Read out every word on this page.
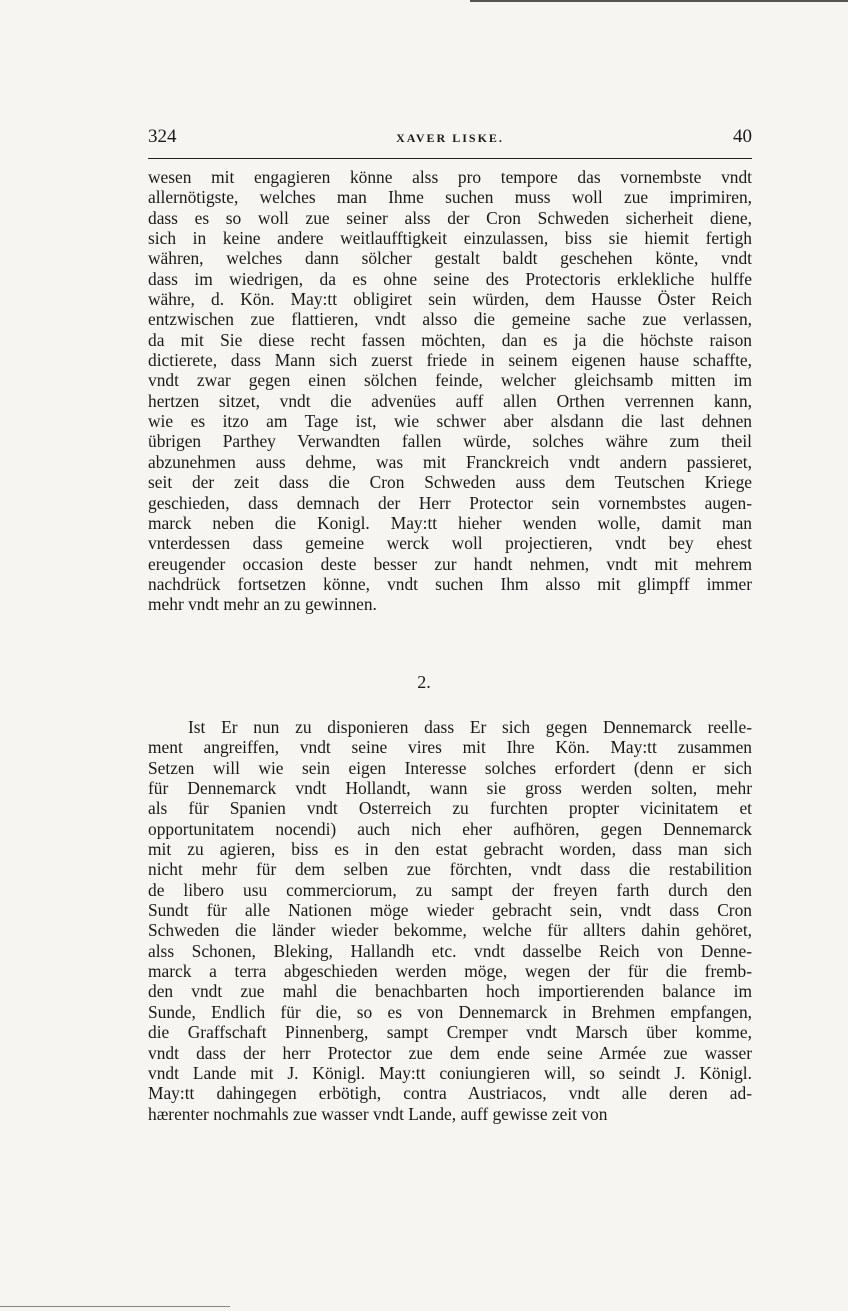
324	XAVER LISKE.	40
wesen mit engagieren könne alss pro tempore das vornembste vndt
allernötigste, welches man Ihme suchen muss woll zue imprimiren,
dass es so woll zue seiner alss der Cron Schweden sicherheit diene,
sich in keine andere weitlaufftigkeit einzulassen, biss sie hiemit fertigh
währen, welches dann sölcher gestalt baldt geschehen könte, vndt
dass im wiedrigen, da es ohne seine des Protectoris erklekliche hulffe
währe, d. Kön. May:tt obligiret sein würden, dem Hausse Öster Reich
entzwischen zue flattieren, vndt alsso die gemeine sache zue verlassen,
da mit Sie diese recht fassen möchten, dan es ja die höchste raison
dictierete, dass Mann sich zuerst friede in seinem eigenen hause schaffte,
vndt zwar gegen einen sölchen feinde, welcher gleichsamb mitten im
hertzen sitzet, vndt die advenües auff allen Orthen verrennen kann,
wie es itzo am Tage ist, wie schwer aber alsdann die last dehnen
übrigen Parthey Verwandten fallen würde, solches währe zum theil
abzunehmen auss dehme, was mit Franckreich vndt andern passieret,
seit der zeit dass die Cron Schweden auss dem Teutschen Kriege
geschieden, dass demnach der Herr Protector sein vornembstes augen-
marck neben die Konigl. May:tt hieher wenden wolle, damit man
vnterdessen dass gemeine werck woll projectieren, vndt bey ehest
ereugender occasion deste besser zur handt nehmen, vndt mit mehrem
nachdrück fortsetzen könne, vndt suchen Ihm alsso mit glimpff immer
mehr vndt mehr an zu gewinnen.
2.
Ist Er nun zu disponieren dass Er sich gegen Dennemarck reelle-
ment angreiffen, vndt seine vires mit Ihre Kön. May:tt zusammen
Setzen will wie sein eigen Interesse solches erfordert (denn er sich
für Dennemarck vndt Hollandt, wann sie gross werden solten, mehr
als für Spanien vndt Osterreich zu furchten propter vicinitatem et
opportunitatem nocendi) auch nich eher aufhören, gegen Dennemarck
mit zu agieren, biss es in den estat gebracht worden, dass man sich
nicht mehr für dem selben zue förchten, vndt dass die restabilition
de libero usu commerciorum, zu sampt der freyen farth durch den
Sundt für alle Nationen möge wieder gebracht sein, vndt dass Cron
Schweden die länder wieder bekomme, welche für allters dahin gehöret,
alss Schonen, Bleking, Hallandh etc. vndt dasselbe Reich von Denne-
marck a terra abgeschieden werden möge, wegen der für die fremb-
den vndt zue mahl die benachbarten hoch importierenden balance im
Sunde, Endlich für die, so es von Dennemarck in Brehmen empfangen,
die Graffschaft Pinnenberg, sampt Cremper vndt Marsch über komme,
vndt dass der herr Protector zue dem ende seine Armée zue wasser
vndt Lande mit J. Königl. May:tt coniungieren will, so seindt J. Königl.
May:tt dahingegen erbötigh, contra Austriacos, vndt alle deren ad-
hærenter nochmahls zue wasser vndt Lande, auff gewisse zeit von
